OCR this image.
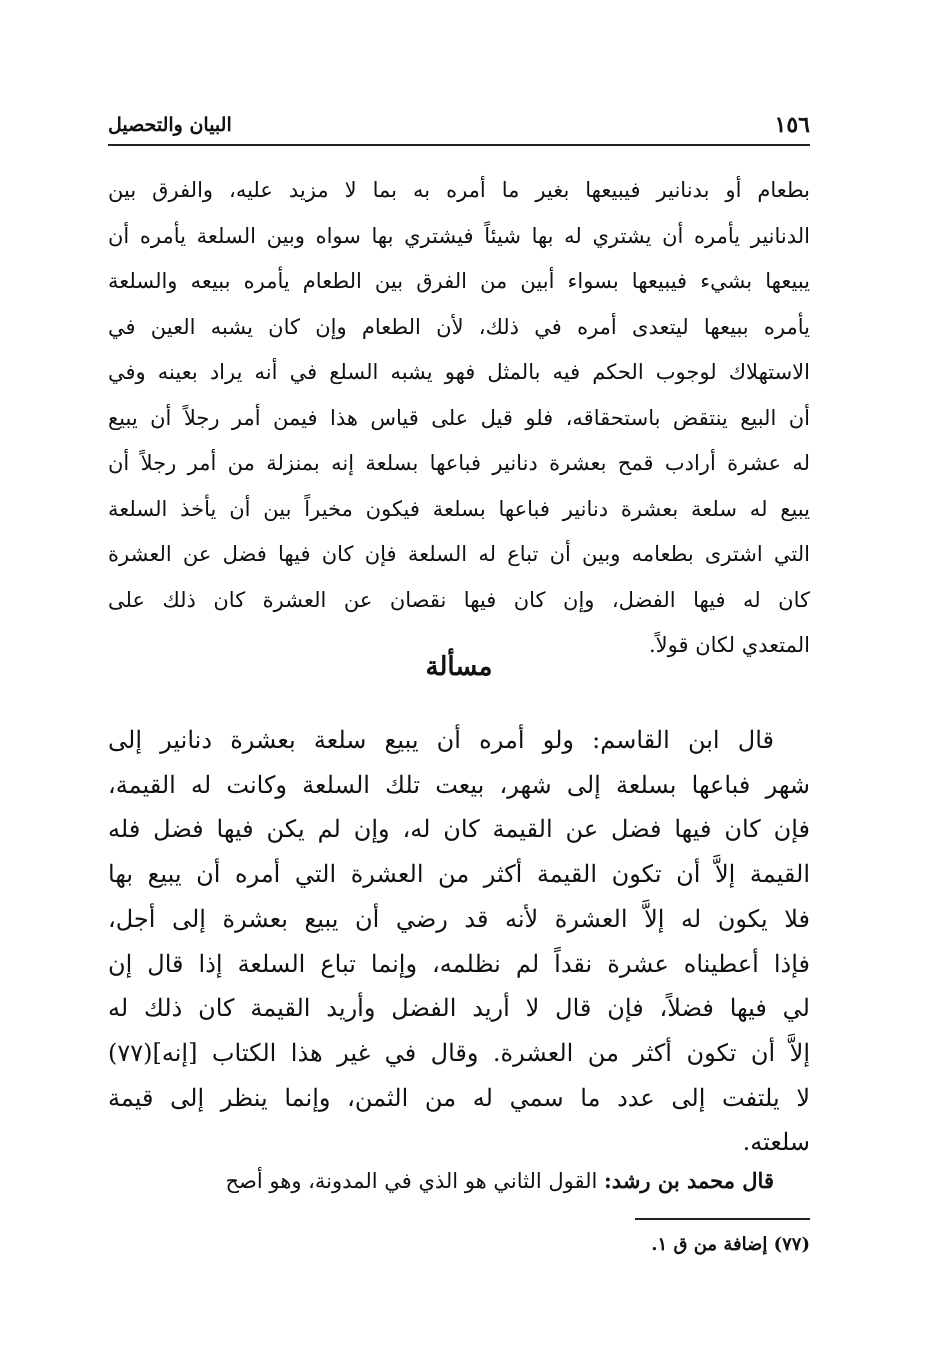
١٥٦
البيان والتحصيل
بطعام أو بدنانير فيبيعها بغير ما أمره به بما لا مزيد عليه، والفرق بين
الدنانير يأمره أن يشتري له بها شيئاً فيشتري بها سواه وبين السلعة يأمره أن
يبيعها بشيء فيبيعها بسواء أبين من الفرق بين الطعام يأمره ببيعه والسلعة
يأمره ببيعها ليتعدى أمره في ذلك، لأن الطعام وإن كان يشبه العين في
الاستهلاك لوجوب الحكم فيه بالمثل فهو يشبه السلع في أنه يراد بعينه وفي
أن البيع ينتقض باستحقاقه، فلو قيل على قياس هذا فيمن أمر رجلاً أن يبيع
له عشرة أرادب قمح بعشرة دنانير فباعها بسلعة إنه بمنزلة من أمر رجلاً أن
يبيع له سلعة بعشرة دنانير فباعها بسلعة فيكون مخيراً بين أن يأخذ السلعة
التي اشترى بطعامه وبين أن تباع له السلعة فإن كان فيها فضل عن العشرة
كان له فيها الفضل، وإن كان فيها نقصان عن العشرة كان ذلك على
المتعدي لكان قولاً.
مسألة
قال ابن القاسم: ولو أمره أن يبيع سلعة بعشرة دنانير إلى
شهر فباعها بسلعة إلى شهر، بيعت تلك السلعة وكانت له القيمة،
فإن كان فيها فضل عن القيمة كان له، وإن لم يكن فيها فضل فله
القيمة إلاَّ أن تكون القيمة أكثر من العشرة التي أمره أن يبيع بها
فلا يكون له إلاَّ العشرة لأنه قد رضي أن يبيع بعشرة إلى أجل،
فإذا أعطيناه عشرة نقداً لم نظلمه، وإنما تباع السلعة إذا قال إن
لي فيها فضلاً، فإن قال لا أريد الفضل وأريد القيمة كان ذلك له
إلاَّ أن تكون أكثر من العشرة. وقال في غير هذا الكتاب [إنه](٧٧)
لا يلتفت إلى عدد ما سمي له من الثمن، وإنما ينظر إلى قيمة
سلعته.
قال محمد بن رشد: القول الثاني هو الذي في المدونة، وهو أصح
(٧٧) إضافة من ق ١.
